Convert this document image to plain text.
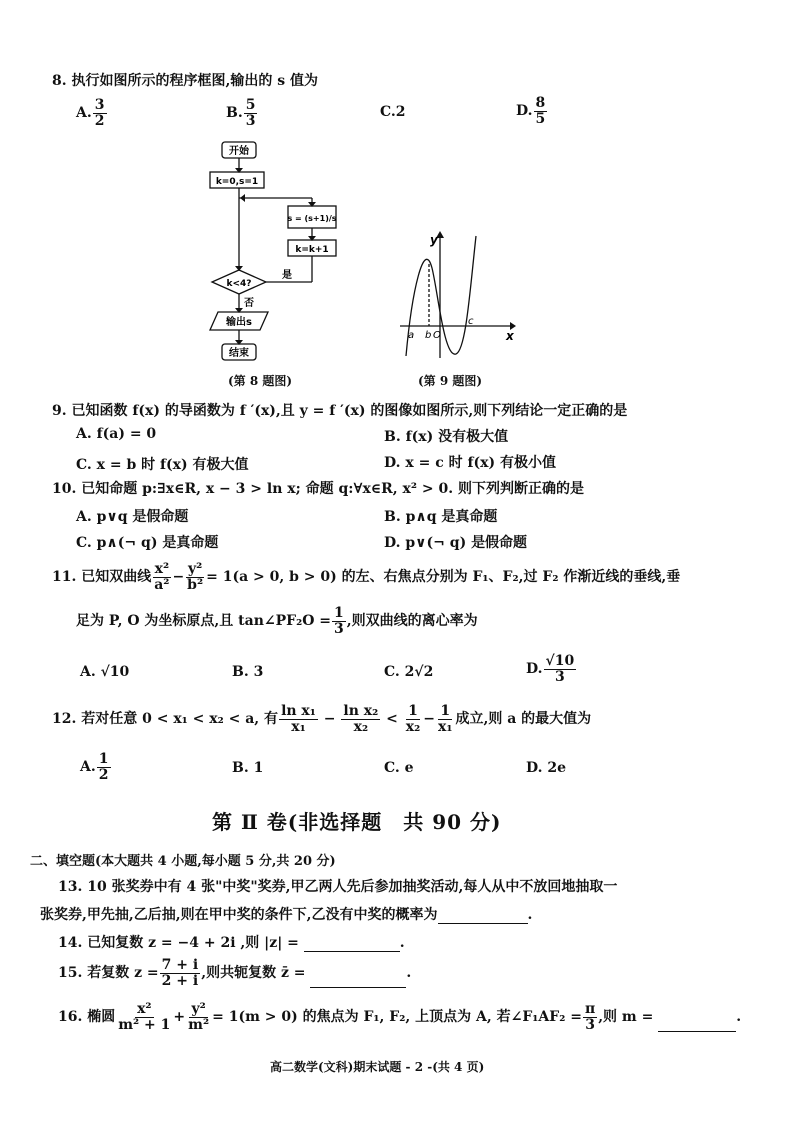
8. 执行如图所示的程序框图,输出的 s 值为
A. $\frac{3}{2}$	B. $\frac{5}{3}$	C.2	D. $\frac{8}{5}$
开始
k=0,s=1
s = (s+1)/s
k=k+1
k<4?
是
否
输出s
结束
(第 8 题图)
y
x
a b O
c
(第 9 题图)
9. 已知函数 f(x) 的导函数为 f ′(x),且 y = f ′(x) 的图像如图所示,则下列结论一定正确的是
A. f(a) = 0	B. f(x) 没有极大值
C. x = b 时 f(x) 有极大值	D. x = c 时 f(x) 有极小值
10. 已知命题 p:∃x∈R, x − 3 > ln x; 命题 q:∀x∈R, x² > 0. 则下列判断正确的是
A. p∨q 是假命题	B. p∧q 是真命题
C. p∧(¬ q) 是真命题	D. p∨(¬ q) 是假命题
11. 已知双曲线 $\frac{\text{x²}}{\text{a²}} - \frac{\text{y²}}{\text{b²}} = 1(a > 0$, b > 0) 的左、右焦点分别为 F₁、F₂,过 F₂ 作渐近线的垂线,垂
足为 P, O 为坐标原点,且 tan∠PF₂O = $\frac{1}{3}$ ,则双曲线的离心率为
A. √10	B. 3	C. 2√2	D. $\frac{√10}{3}$
12. 若对任意 0 < x₁ < x₂ < a, 有 $\frac{\text{ln x₁}}{\text{x₁}} - \frac{\text{ln x₂}}{\text{x₂}} < \frac{1}{\text{x₂}} - \frac{1}{\text{x₁}}$ 成立,则 a 的最大值为
A. $\frac{1}{2}$	B. 1	C. e	D. 2e
第 Ⅱ 卷(非选择题　共 90 分)
二、填空题(本大题共 4 小题,每小题 5 分,共 20 分)
13. 10 张奖券中有 4 张"中奖"奖券,甲乙两人先后参加抽奖活动,每人从中不放回地抽取一
张奖券,甲先抽,乙后抽,则在甲中奖的条件下,乙没有中奖的概率为	.
14. 已知复数 z = −4 + 2i ,则 |z| =	.
15. 若复数 $z = \frac{7 + i}{2 + i}$ ,则共轭复数 z̄ =	.
16. 椭圆 $\frac{\text{x²}}{\text{m² + 1}} + \frac{\text{y²}}{\text{m²}} = 1(m > 0)$ 的焦点为 F₁, F₂, 上顶点为 A, 若∠F₁AF₂ = $\frac{\pi}{3}$ ,则 m =	.
高二数学(文科)期末试题 - 2 -(共 4 页)
